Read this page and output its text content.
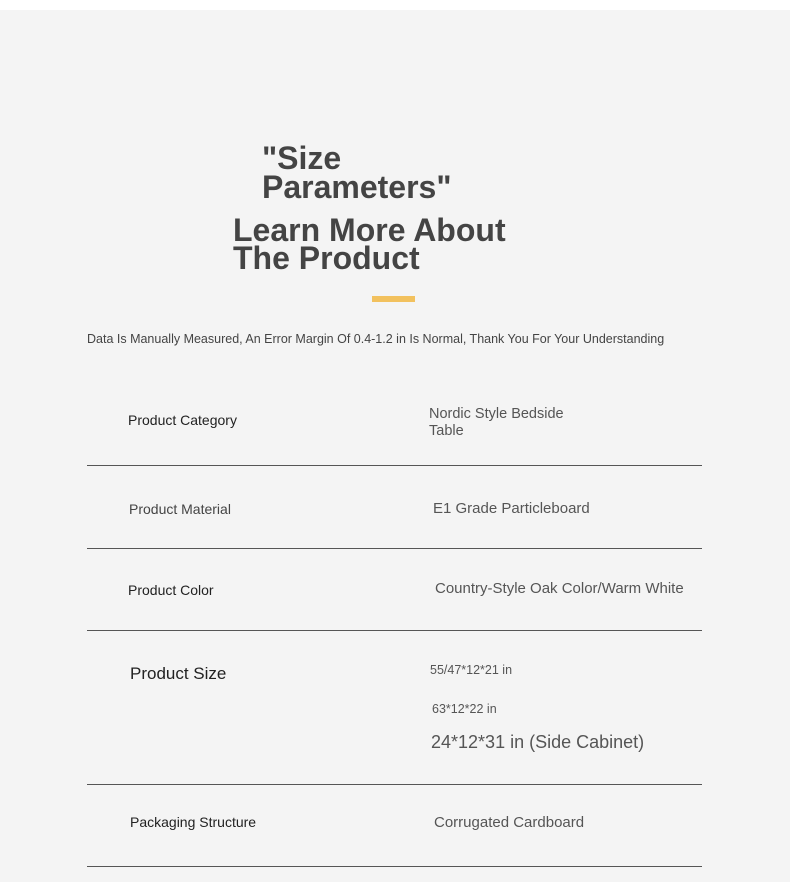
"Size
Parameters"
Learn More About
The Product
Data Is Manually Measured, An Error Margin Of 0.4-1.2 in Is Normal, Thank You For Your Understanding
Product Category	Nordic Style Bedside
Table
Product Material	E1 Grade Particleboard
Product Color	Country-Style Oak Color/Warm White
Product Size	55/47*12*21 in
63*12*22 in
24*12*31 in (Side Cabinet)
Packaging Structure	Corrugated Cardboard
